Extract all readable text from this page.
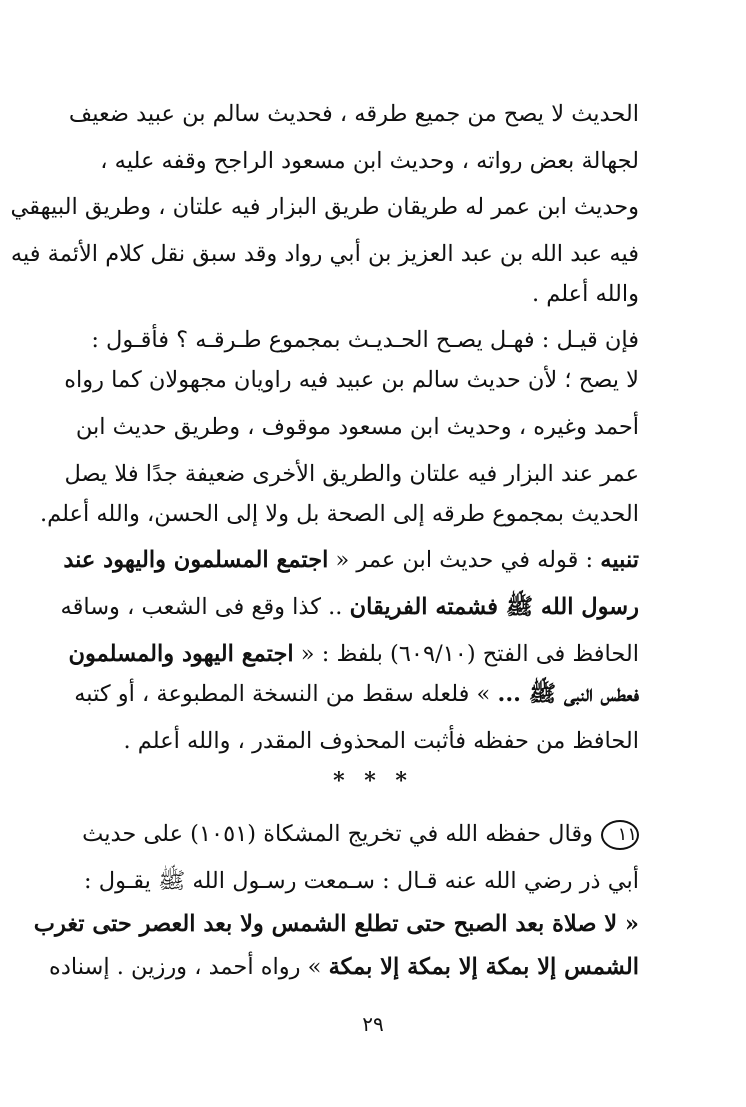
الحديث لا يصح من جميع طرقه ، فحديث سالم بن عبيد ضعيف
لجهالة بعض رواته ، وحديث ابن مسعود الراجح وقفه عليه ،
وحديث ابن عمر له طريقان طريق البزار فيه علتان ، وطريق البيهقي
فيه عبد الله بن عبد العزيز بن أبي رواد وقد سبق نقل كلام الأئمة فيه
والله أعلم .
فإن قيـل : فهـل يصـح الحـديـث بمجموع طـرقـه ؟ فأقـول :
لا يصح ؛ لأن حديث سالم بن عبيد فيه راويان مجهولان كما رواه
أحمد وغيره ، وحديث ابن مسعود موقوف ، وطريق حديث ابن
عمر عند البزار فيه علتان والطريق الأخرى ضعيفة جدًا فلا يصل
الحديث بمجموع طرقه إلى الصحة بل ولا إلى الحسن، والله أعلم.
تنبيه : قوله في حديث ابن عمر « اجتمع المسلمون واليهود عند
رسول الله ﷺ فشمته الفريقان .. كذا وقع فى الشعب ، وساقه
الحافظ فى الفتح (٦٠٩/١٠) بلفظ : « اجتمع اليهود والمسلمون
فعطس النبى ﷺ ... » فلعله سقط من النسخة المطبوعة ، أو كتبه
الحافظ من حفظه فأثبت المحذوف المقدر ، والله أعلم .
* * *
١١وقال حفظه الله في تخريج المشكاة (١٠٥١) على حديث
أبي ذر رضي الله عنه قـال : سـمعت رسـول الله ﷺ يقـول :
« لا صلاة بعد الصبح حتى تطلع الشمس ولا بعد العصر حتى تغرب
الشمس إلا بمكة إلا بمكة إلا بمكة » رواه أحمد ، ورزين . إسناده
٢٩
